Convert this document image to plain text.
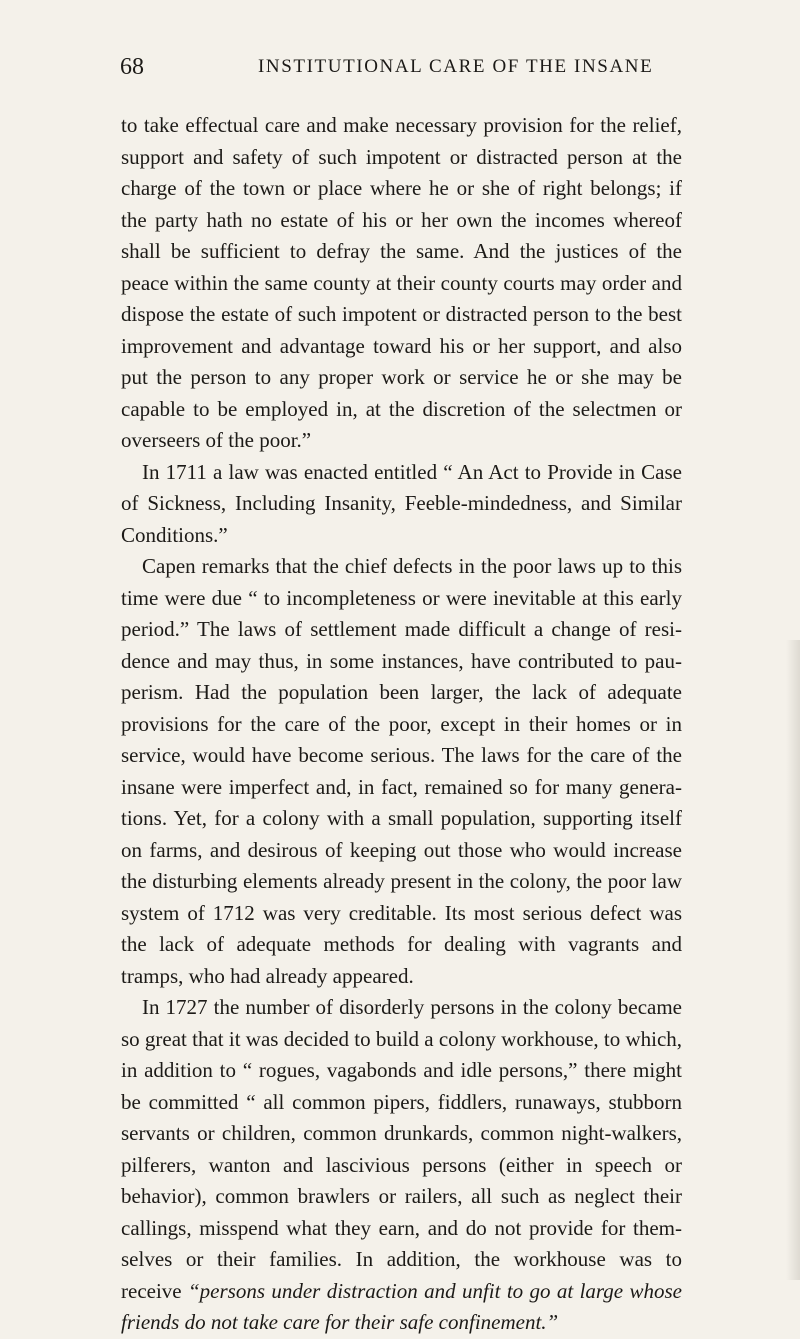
68	INSTITUTIONAL CARE OF THE INSANE
to take effectual care and make necessary provision for the relief,
support and safety of such impotent or distracted person at the
charge of the town or place where he or she of right belongs; if
the party hath no estate of his or her own the incomes whereof
shall be sufficient to defray the same. And the justices of the
peace within the same county at their county courts may order and
dispose the estate of such impotent or distracted person to the best
improvement and advantage toward his or her support, and also
put the person to any proper work or service he or she may be
capable to be employed in, at the discretion of the selectmen or
overseers of the poor.”
In 1711 a law was enacted entitled “ An Act to Provide in Case
of Sickness, Including Insanity, Feeble-mindedness, and Similar
Conditions.”
Capen remarks that the chief defects in the poor laws up to this
time were due “ to incompleteness or were inevitable at this early
period.” The laws of settlement made difficult a change of resi-
dence and may thus, in some instances, have contributed to pau-
perism. Had the population been larger, the lack of adequate
provisions for the care of the poor, except in their homes or in
service, would have become serious. The laws for the care of the
insane were imperfect and, in fact, remained so for many genera-
tions. Yet, for a colony with a small population, supporting itself
on farms, and desirous of keeping out those who would increase
the disturbing elements already present in the colony, the poor law
system of 1712 was very creditable. Its most serious defect was
the lack of adequate methods for dealing with vagrants and
tramps, who had already appeared.
In 1727 the number of disorderly persons in the colony became
so great that it was decided to build a colony workhouse, to which,
in addition to “ rogues, vagabonds and idle persons,” there might
be committed “ all common pipers, fiddlers, runaways, stubborn
servants or children, common drunkards, common night-walkers,
pilferers, wanton and lascivious persons (either in speech or
behavior), common brawlers or railers, all such as neglect their
callings, misspend what they earn, and do not provide for them-
selves or their families. In addition, the workhouse was to
receive “persons under distraction and unfit to go at large whose
friends do not take care for their safe confinement.”
